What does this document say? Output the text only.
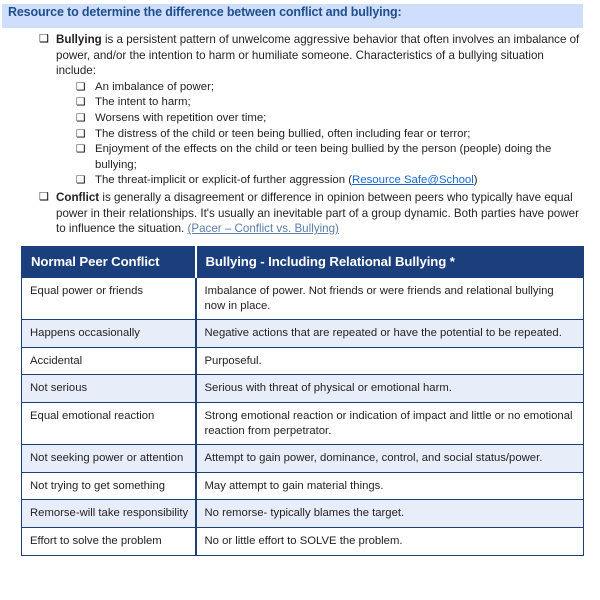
Resource to determine the difference between conflict and bullying:
❑ Bullying is a persistent pattern of unwelcome aggressive behavior that often involves an imbalance of power, and/or the intention to harm or humiliate someone. Characteristics of a bullying situation include:
❑ An imbalance of power;
❑ The intent to harm;
❑ Worsens with repetition over time;
❑ The distress of the child or teen being bullied, often including fear or terror;
❑ Enjoyment of the effects on the child or teen being bullied by the person (people) doing the bullying;
❑ The threat-implicit or explicit-of further aggression (Resource Safe@School)
❑ Conflict is generally a disagreement or difference in opinion between peers who typically have equal power in their relationships. It's usually an inevitable part of a group dynamic. Both parties have power to influence the situation. (Pacer – Conflict vs. Bullying)
Normal Peer Conflict	Bullying - Including Relational Bullying *
Equal power or friends	Imbalance of power. Not friends or were friends and relational bullying now in place.
Happens occasionally	Negative actions that are repeated or have the potential to be repeated.
Accidental	Purposeful.
Not serious	Serious with threat of physical or emotional harm.
Equal emotional reaction	Strong emotional reaction or indication of impact and little or no emotional reaction from perpetrator.
Not seeking power or attention	Attempt to gain power, dominance, control, and social status/power.
Not trying to get something	May attempt to gain material things.
Remorse-will take responsibility	No remorse- typically blames the target.
Effort to solve the problem	No or little effort to SOLVE the problem.
